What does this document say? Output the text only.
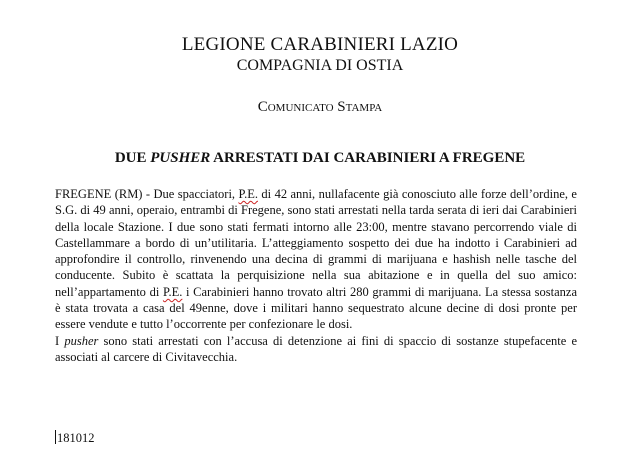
LEGIONE CARABINIERI LAZIO
COMPAGNIA DI OSTIA
Comunicato Stampa
DUE PUSHER ARRESTATI DAI CARABINIERI A FREGENE

FREGENE (RM) - Due spacciatori, P.E. di 42 anni, nullafacente già conosciuto alle forze dell’ordine, e S.G. di 49 anni, operaio, entrambi di Fregene, sono stati arrestati nella tarda serata di ieri dai Carabinieri della locale Stazione. I due sono stati fermati intorno alle 23:00, mentre stavano percorrendo viale di Castellammare a bordo di un’utilitaria. L’atteggiamento sospetto dei due ha indotto i Carabinieri ad approfondire il controllo, rinvenendo una decina di grammi di marijuana e hashish nelle tasche del conducente. Subito è scattata la perquisizione nella sua abitazione e in quella del suo amico: nell’appartamento di P.E. i Carabinieri hanno trovato altri 280 grammi di marijuana. La stessa sostanza è stata trovata a casa del 49enne, dove i militari hanno sequestrato alcune decine di dosi pronte per essere vendute e tutto l’occorrente per confezionare le dosi.

I pusher sono stati arrestati con l’accusa di detenzione ai fini di spaccio di sostanze stupefacente e associati al carcere di Civitavecchia.

181012
